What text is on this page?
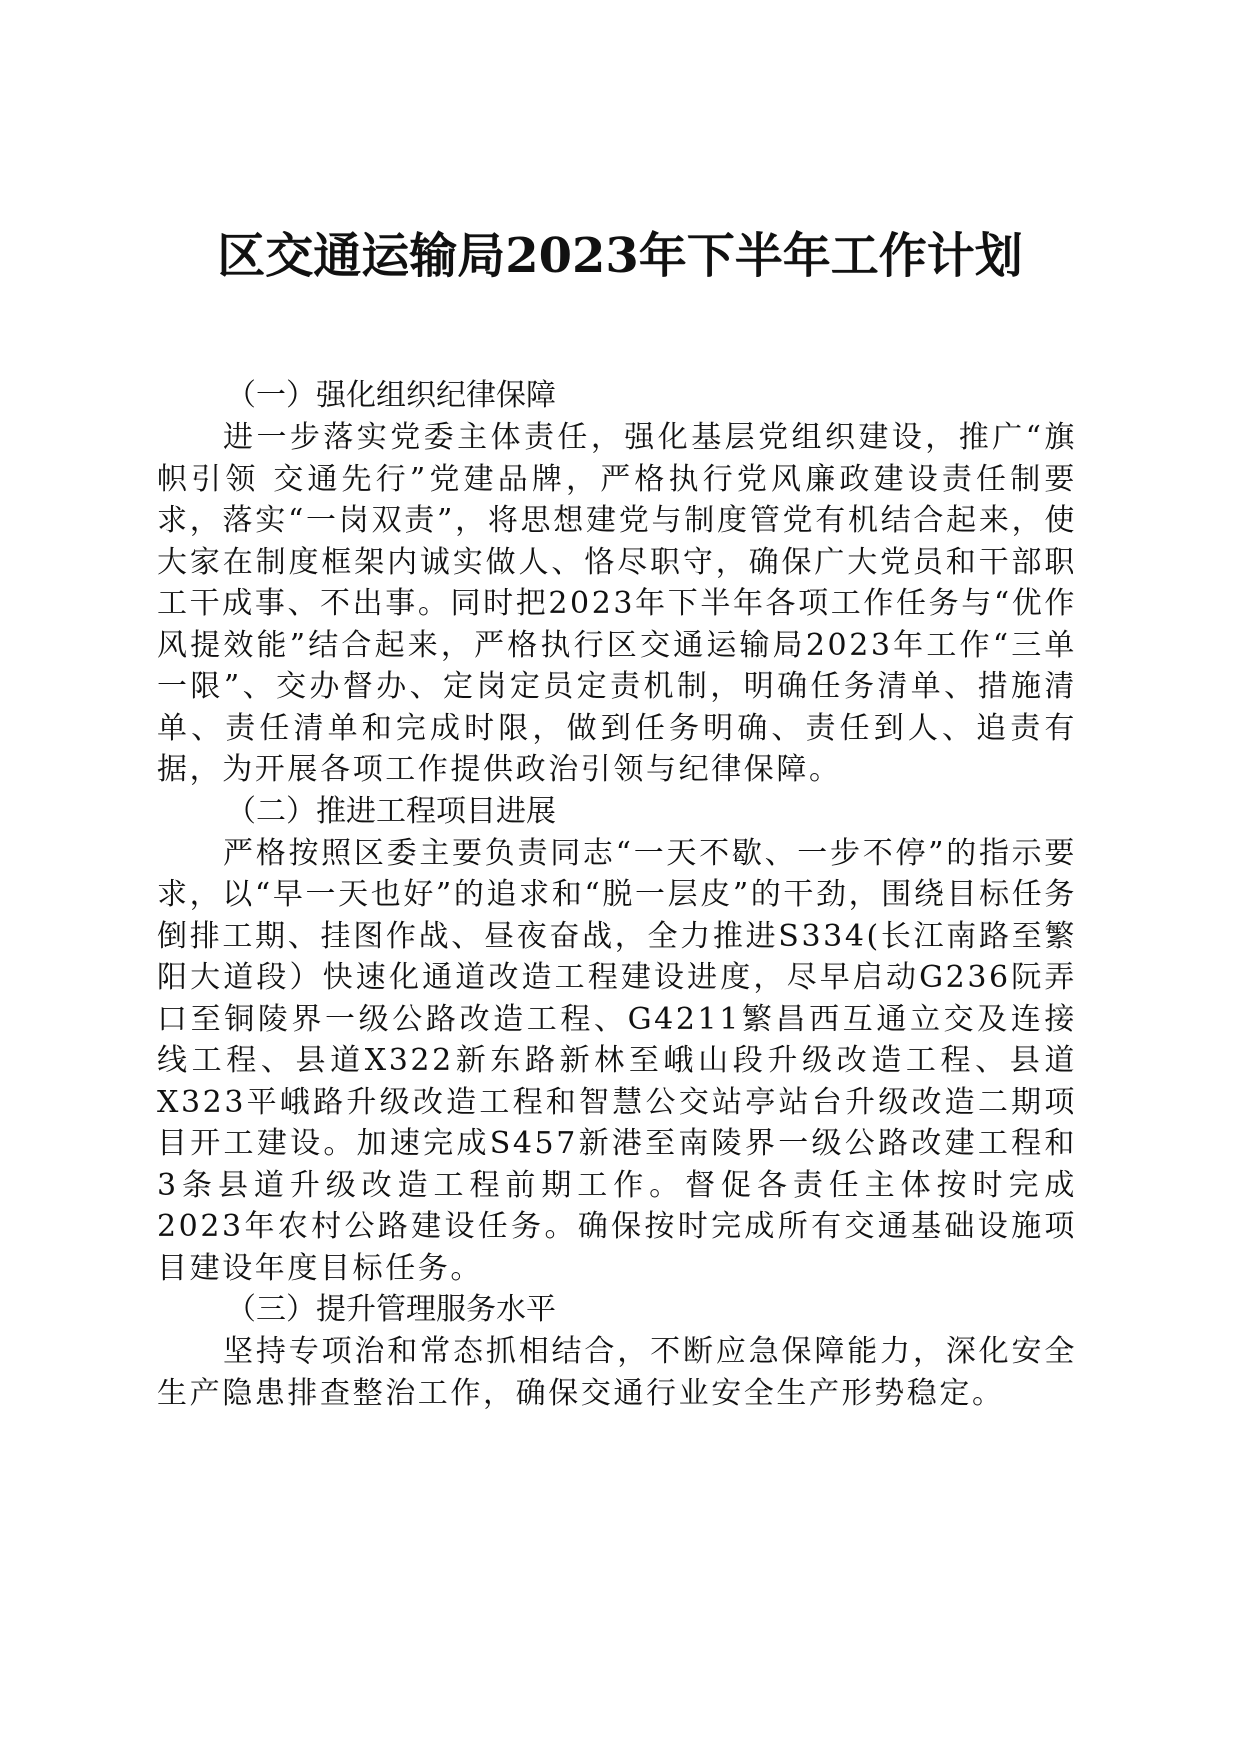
区交通运输局2023年下半年工作计划

（一）强化组织纪律保障

进一步落实党委主体责任，强化基层党组织建设，推广“旗帜引领 交通先行”党建品牌，严格执行党风廉政建设责任制要求，落实“一岗双责”，将思想建党与制度管党有机结合起来，使大家在制度框架内诚实做人、恪尽职守，确保广大党员和干部职工干成事、不出事。同时把2023年下半年各项工作任务与“优作风提效能”结合起来，严格执行区交通运输局2023年工作“三单一限”、交办督办、定岗定员定责机制，明确任务清单、措施清单、责任清单和完成时限，做到任务明确、责任到人、追责有据，为开展各项工作提供政治引领与纪律保障。

（二）推进工程项目进展

严格按照区委主要负责同志“一天不歇、一步不停”的指示要求，以“早一天也好”的追求和“脱一层皮”的干劲，围绕目标任务倒排工期、挂图作战、昼夜奋战，全力推进S334(长江南路至繁阳大道段）快速化通道改造工程建设进度，尽早启动G236阮弄口至铜陵界一级公路改造工程、G4211繁昌西互通立交及连接线工程、县道X322新东路新林至峨山段升级改造工程、县道X323平峨路升级改造工程和智慧公交站亭站台升级改造二期项目开工建设。加速完成S457新港至南陵界一级公路改建工程和3条县道升级改造工程前期工作。督促各责任主体按时完成2023年农村公路建设任务。确保按时完成所有交通基础设施项目建设年度目标任务。

（三）提升管理服务水平

坚持专项治和常态抓相结合，不断应急保障能力，深化安全生产隐患排查整治工作，确保交通行业安全生产形势稳定。
